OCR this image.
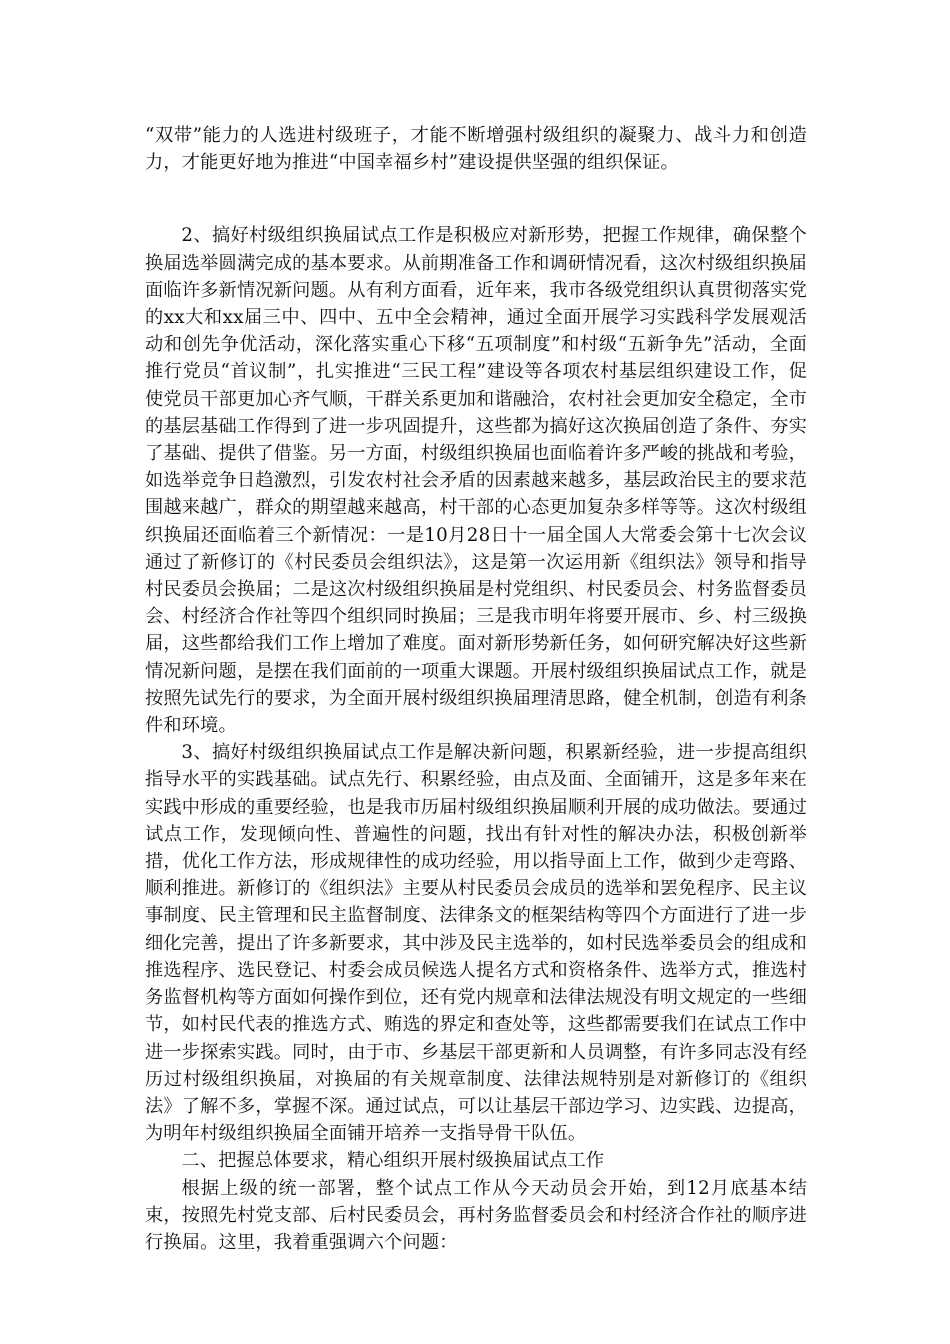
“双带”能力的人选进村级班子，才能不断增强村级组织的凝聚力、战斗力和创造力，才能更好地为推进“中国幸福乡村”建设提供坚强的组织保证。

2、搞好村级组织换届试点工作是积极应对新形势，把握工作规律，确保整个换届选举圆满完成的基本要求。从前期准备工作和调研情况看，这次村级组织换届面临许多新情况新问题。从有利方面看，近年来，我市各级党组织认真贯彻落实党的xx大和xx届三中、四中、五中全会精神，通过全面开展学习实践科学发展观活动和创先争优活动，深化落实重心下移“五项制度”和村级“五新争先”活动，全面推行党员“首议制”，扎实推进“三民工程”建设等各项农村基层组织建设工作，促使党员干部更加心齐气顺，干群关系更加和谐融洽，农村社会更加安全稳定，全市的基层基础工作得到了进一步巩固提升，这些都为搞好这次换届创造了条件、夯实了基础、提供了借鉴。另一方面，村级组织换届也面临着许多严峻的挑战和考验，如选举竞争日趋激烈，引发农村社会矛盾的因素越来越多，基层政治民主的要求范围越来越广，群众的期望越来越高，村干部的心态更加复杂多样等等。这次村级组织换届还面临着三个新情况：一是10月28日十一届全国人大常委会第十七次会议通过了新修订的《村民委员会组织法》，这是第一次运用新《组织法》领导和指导村民委员会换届；二是这次村级组织换届是村党组织、村民委员会、村务监督委员会、村经济合作社等四个组织同时换届；三是我市明年将要开展市、乡、村三级换届，这些都给我们工作上增加了难度。面对新形势新任务，如何研究解决好这些新情况新问题，是摆在我们面前的一项重大课题。开展村级组织换届试点工作，就是按照先试先行的要求，为全面开展村级组织换届理清思路，健全机制，创造有利条件和环境。

3、搞好村级组织换届试点工作是解决新问题，积累新经验，进一步提高组织指导水平的实践基础。试点先行、积累经验，由点及面、全面铺开，这是多年来在实践中形成的重要经验，也是我市历届村级组织换届顺利开展的成功做法。要通过试点工作，发现倾向性、普遍性的问题，找出有针对性的解决办法，积极创新举措，优化工作方法，形成规律性的成功经验，用以指导面上工作，做到少走弯路、顺利推进。新修订的《组织法》主要从村民委员会成员的选举和罢免程序、民主议事制度、民主管理和民主监督制度、法律条文的框架结构等四个方面进行了进一步细化完善，提出了许多新要求，其中涉及民主选举的，如村民选举委员会的组成和推选程序、选民登记、村委会成员候选人提名方式和资格条件、选举方式，推选村务监督机构等方面如何操作到位，还有党内规章和法律法规没有明文规定的一些细节，如村民代表的推选方式、贿选的界定和查处等，这些都需要我们在试点工作中进一步探索实践。同时，由于市、乡基层干部更新和人员调整，有许多同志没有经历过村级组织换届，对换届的有关规章制度、法律法规特别是对新修订的《组织法》了解不多，掌握不深。通过试点，可以让基层干部边学习、边实践、边提高，为明年村级组织换届全面铺开培养一支指导骨干队伍。

二、把握总体要求，精心组织开展村级换届试点工作

根据上级的统一部署，整个试点工作从今天动员会开始，到12月底基本结束，按照先村党支部、后村民委员会，再村务监督委员会和村经济合作社的顺序进行换届。这里，我着重强调六个问题：
